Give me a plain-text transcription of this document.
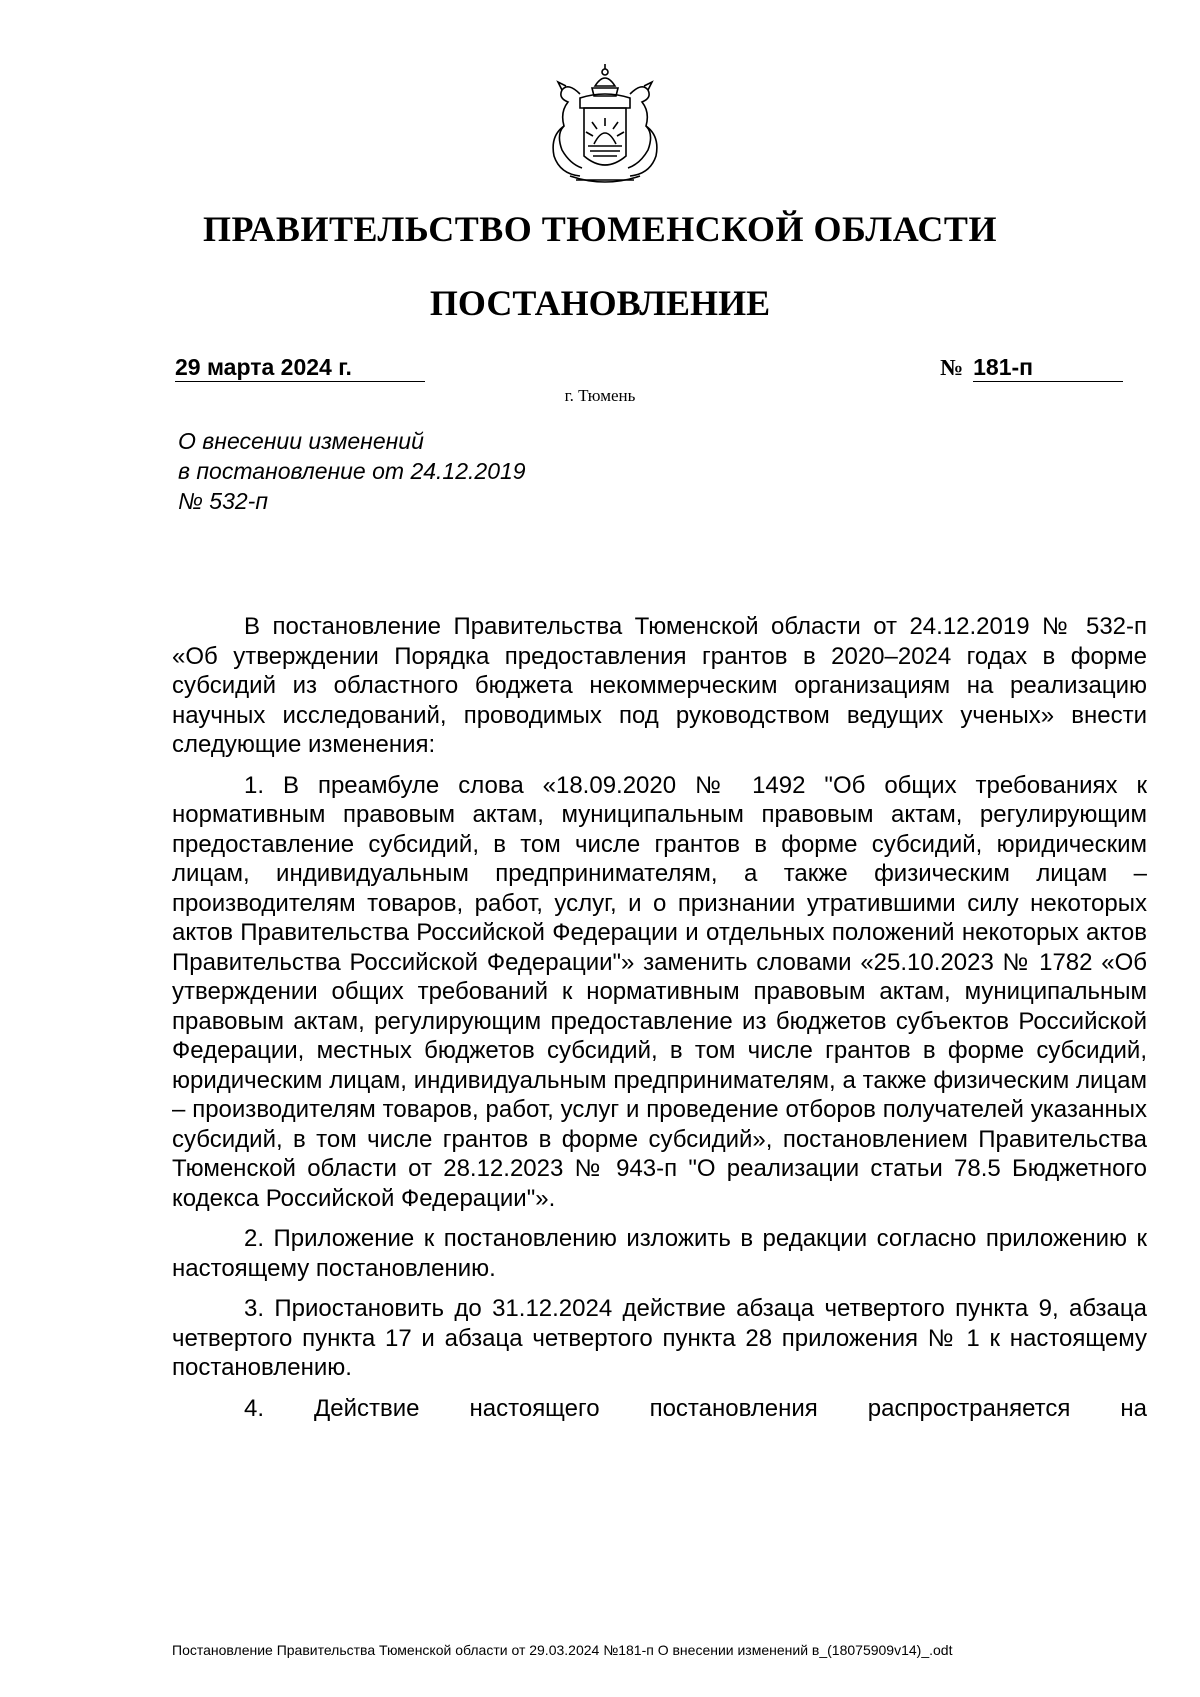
ПРАВИТЕЛЬСТВО ТЮМЕНСКОЙ ОБЛАСТИ
ПОСТАНОВЛЕНИЕ
29 марта 2024 г.	№ 181-п
г. Тюмень
О внесении изменений
в постановление от 24.12.2019
№ 532-п

В постановление Правительства Тюменской области от 24.12.2019 № 532-п «Об утверждении Порядка предоставления грантов в 2020–2024 годах в форме субсидий из областного бюджета некоммерческим организациям на реализацию научных исследований, проводимых под руководством ведущих ученых» внести следующие изменения:

1. В преамбуле слова «18.09.2020 № 1492 "Об общих требованиях к нормативным правовым актам, муниципальным правовым актам, регулирующим предоставление субсидий, в том числе грантов в форме субсидий, юридическим лицам, индивидуальным предпринимателям, а также физическим лицам – производителям товаров, работ, услуг, и о признании утратившими силу некоторых актов Правительства Российской Федерации и отдельных положений некоторых актов Правительства Российской Федерации"» заменить словами «25.10.2023 № 1782 «Об утверждении общих требований к нормативным правовым актам, муниципальным правовым актам, регулирующим предоставление из бюджетов субъектов Российской Федерации, местных бюджетов субсидий, в том числе грантов в форме субсидий, юридическим лицам, индивидуальным предпринимателям, а также физическим лицам – производителям товаров, работ, услуг и проведение отборов получателей указанных субсидий, в том числе грантов в форме субсидий», постановлением Правительства Тюменской области от 28.12.2023 № 943-п "О реализации статьи 78.5 Бюджетного кодекса Российской Федерации"».

2. Приложение к постановлению изложить в редакции согласно приложению к настоящему постановлению.

3. Приостановить до 31.12.2024 действие абзаца четвертого пункта 9, абзаца четвертого пункта 17 и абзаца четвертого пункта 28 приложения № 1 к настоящему постановлению.

4. Действие настоящего постановления распространяется на

Постановление Правительства Тюменской области от 29.03.2024 №181-п О внесении изменений в_(18075909v14)_.odt
